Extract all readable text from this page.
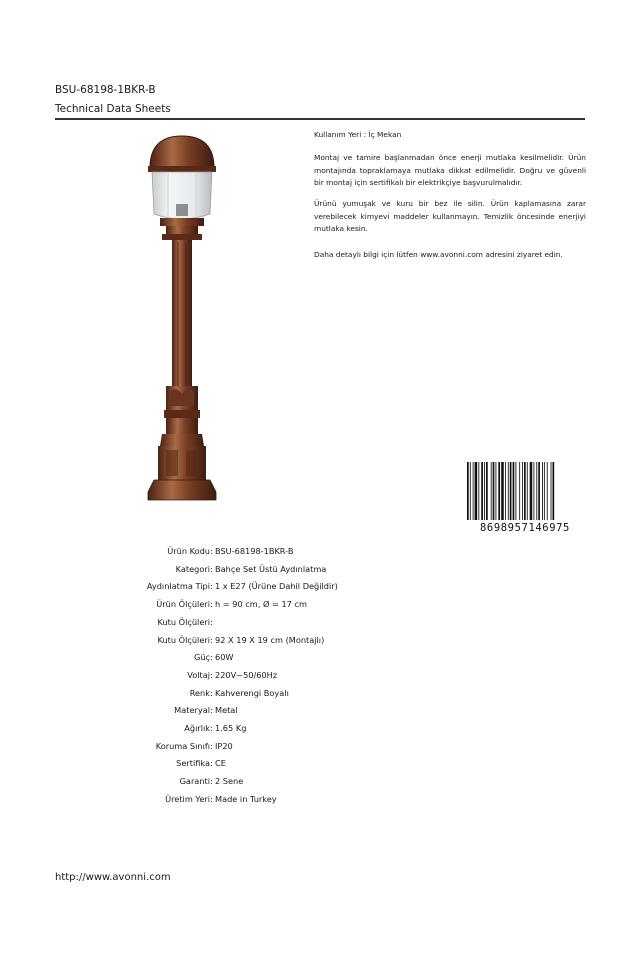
BSU-68198-1BKR-B
Technical Data Sheets

Kullanım Yeri : İç Mekan

Montaj ve tamire başlanmadan önce enerji mutlaka kesilmelidir. Ürün montajında topraklamaya mutlaka dikkat edilmelidir. Doğru ve güvenli bir montaj için sertifikalı bir elektrikçiye başvurulmalıdır.

Ürünü yumuşak ve kuru bir bez ile silin. Ürün kaplamasına zarar verebilecek kimyevi maddeler kullanmayın. Temizlik öncesinde enerjiyi mutlaka kesin.

Daha detaylı bilgi için lütfen www.avonni.com adresini ziyaret edin.

8698957146975
Ürün Kodu : BSU-68198-1BKR-B
Kategori : Bahçe Set Üstü Aydınlatma
Aydınlatma Tipi : 1 x E27 (Ürüne Dahil Değildir)
Ürün Ölçüleri : h = 90 cm, Ø = 17 cm
Kutu Ölçüleri :
Kutu Ölçüleri : 92 X 19 X 19 cm (Montajlı)
Güç : 60W
Voltaj : 220V~50/60Hz
Renk : Kahverengi Boyalı
Materyal : Metal
Ağırlık : 1.65 Kg
Koruma Sınıfı : IP20
Sertifika : CE
Garanti : 2 Sene
Üretim Yeri : Made in Turkey
http://www.avonni.com
